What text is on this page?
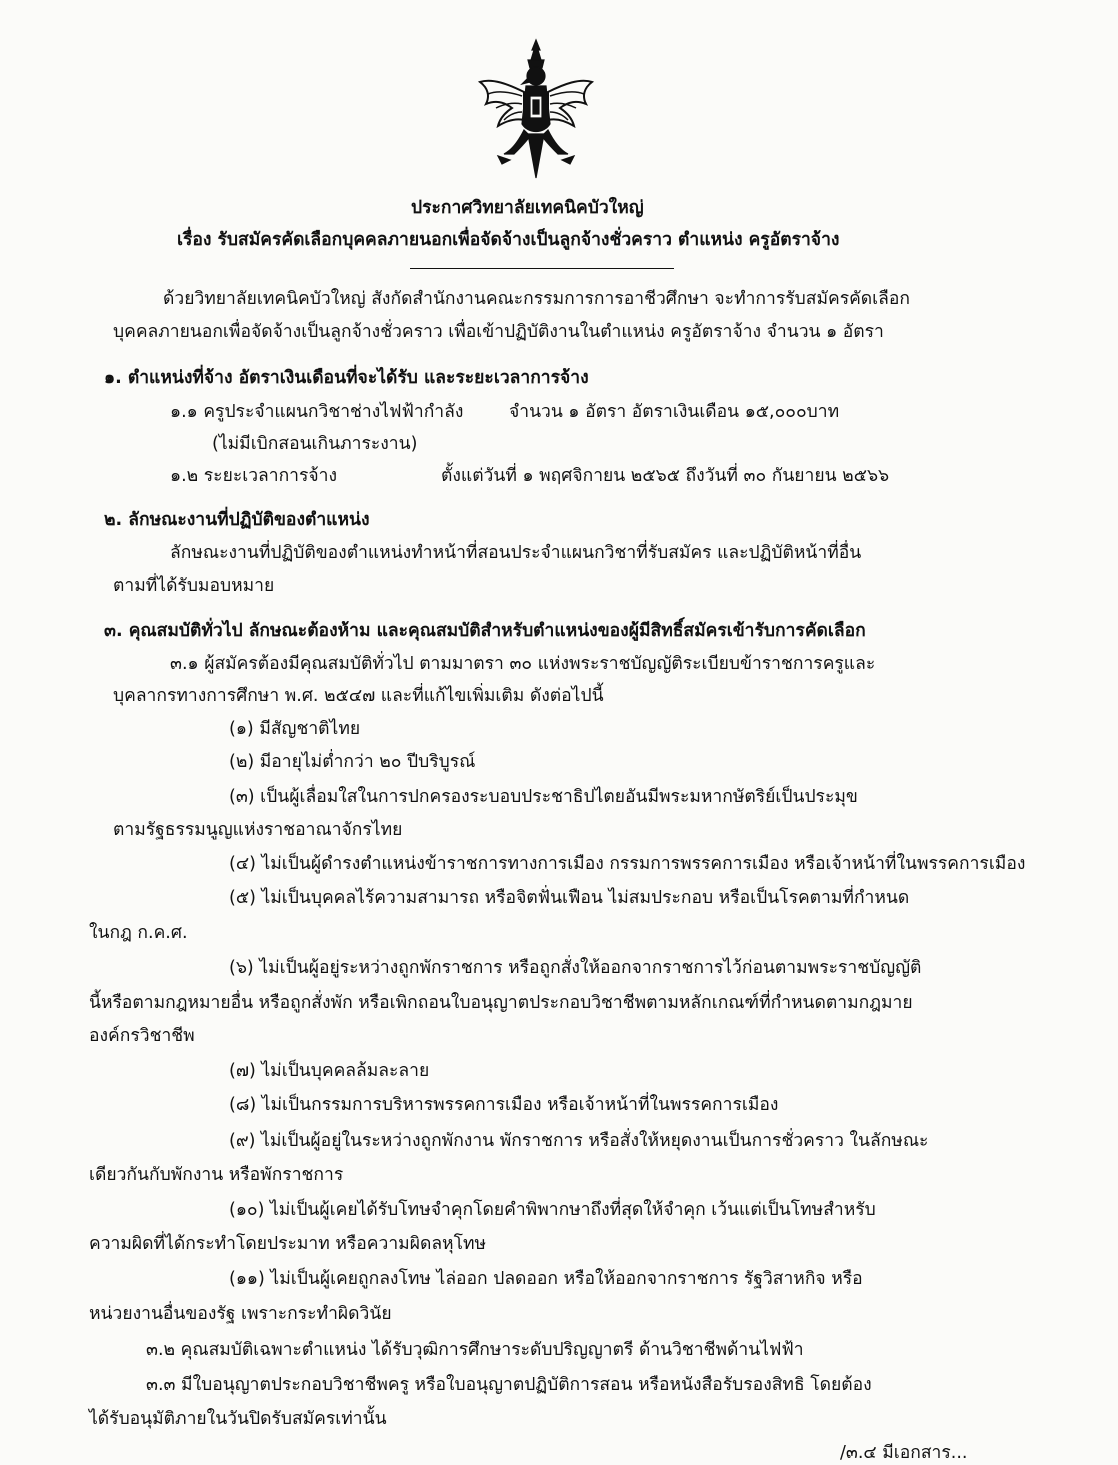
ประกาศวิทยาลัยเทคนิคบัวใหญ่
เรื่อง รับสมัครคัดเลือกบุคคลภายนอกเพื่อจัดจ้างเป็นลูกจ้างชั่วคราว ตำแหน่ง ครูอัตราจ้าง
ด้วยวิทยาลัยเทคนิคบัวใหญ่ สังกัดสำนักงานคณะกรรมการการอาชีวศึกษา จะทำการรับสมัครคัดเลือก
บุคคลภายนอกเพื่อจัดจ้างเป็นลูกจ้างชั่วคราว เพื่อเข้าปฏิบัติงานในตำแหน่ง ครูอัตราจ้าง จำนวน ๑ อัตรา
๑. ตำแหน่งที่จ้าง อัตราเงินเดือนที่จะได้รับ และระยะเวลาการจ้าง
๑.๑ ครูประจำแผนกวิชาช่างไฟฟ้ากำลัง	จำนวน ๑ อัตรา อัตราเงินเดือน ๑๕,๐๐๐บาท
(ไม่มีเบิกสอนเกินภาระงาน)
๑.๒ ระยะเวลาการจ้าง	ตั้งแต่วันที่ ๑ พฤศจิกายน ๒๕๖๕ ถึงวันที่ ๓๐ กันยายน ๒๕๖๖
๒. ลักษณะงานที่ปฏิบัติของตำแหน่ง
ลักษณะงานที่ปฏิบัติของตำแหน่งทำหน้าที่สอนประจำแผนกวิชาที่รับสมัคร และปฏิบัติหน้าที่อื่น
ตามที่ได้รับมอบหมาย
๓. คุณสมบัติทั่วไป ลักษณะต้องห้าม และคุณสมบัติสำหรับตำแหน่งของผู้มีสิทธิ์สมัครเข้ารับการคัดเลือก
๓.๑ ผู้สมัครต้องมีคุณสมบัติทั่วไป ตามมาตรา ๓๐ แห่งพระราชบัญญัติระเบียบข้าราชการครูและ
บุคลากรทางการศึกษา พ.ศ. ๒๕๔๗ และที่แก้ไขเพิ่มเติม ดังต่อไปนี้
(๑) มีสัญชาติไทย
(๒) มีอายุไม่ต่ำกว่า ๒๐ ปีบริบูรณ์
(๓) เป็นผู้เลื่อมใสในการปกครองระบอบประชาธิปไตยอันมีพระมหากษัตริย์เป็นประมุข
ตามรัฐธรรมนูญแห่งราชอาณาจักรไทย
(๔) ไม่เป็นผู้ดำรงตำแหน่งข้าราชการทางการเมือง กรรมการพรรคการเมือง หรือเจ้าหน้าที่ในพรรคการเมือง
(๕) ไม่เป็นบุคคลไร้ความสามารถ หรือจิตฟั่นเฟือน ไม่สมประกอบ หรือเป็นโรคตามที่กำหนด
ในกฎ ก.ค.ศ.
(๖) ไม่เป็นผู้อยู่ระหว่างถูกพักราชการ หรือถูกสั่งให้ออกจากราชการไว้ก่อนตามพระราชบัญญัติ
นี้หรือตามกฎหมายอื่น หรือถูกสั่งพัก หรือเพิกถอนใบอนุญาตประกอบวิชาชีพตามหลักเกณฑ์ที่กำหนดตามกฎมาย
องค์กรวิชาชีพ
(๗) ไม่เป็นบุคคลล้มละลาย
(๘) ไม่เป็นกรรมการบริหารพรรคการเมือง หรือเจ้าหน้าที่ในพรรคการเมือง
(๙) ไม่เป็นผู้อยู่ในระหว่างถูกพักงาน พักราชการ หรือสั่งให้หยุดงานเป็นการชั่วคราว ในลักษณะ
เดียวกันกับพักงาน หรือพักราชการ
(๑๐) ไม่เป็นผู้เคยได้รับโทษจำคุกโดยคำพิพากษาถึงที่สุดให้จำคุก เว้นแต่เป็นโทษสำหรับ
ความผิดที่ได้กระทำโดยประมาท หรือความผิดลหุโทษ
(๑๑) ไม่เป็นผู้เคยถูกลงโทษ ไล่ออก ปลดออก หรือให้ออกจากราชการ รัฐวิสาหกิจ หรือ
หน่วยงานอื่นของรัฐ เพราะกระทำผิดวินัย
๓.๒ คุณสมบัติเฉพาะตำแหน่ง ได้รับวุฒิการศึกษาระดับปริญญาตรี ด้านวิชาชีพด้านไฟฟ้า
๓.๓ มีใบอนุญาตประกอบวิชาชีพครู หรือใบอนุญาตปฏิบัติการสอน หรือหนังสือรับรองสิทธิ โดยต้อง
ได้รับอนุมัติภายในวันปิดรับสมัครเท่านั้น
/๓.๔ มีเอกสาร...
